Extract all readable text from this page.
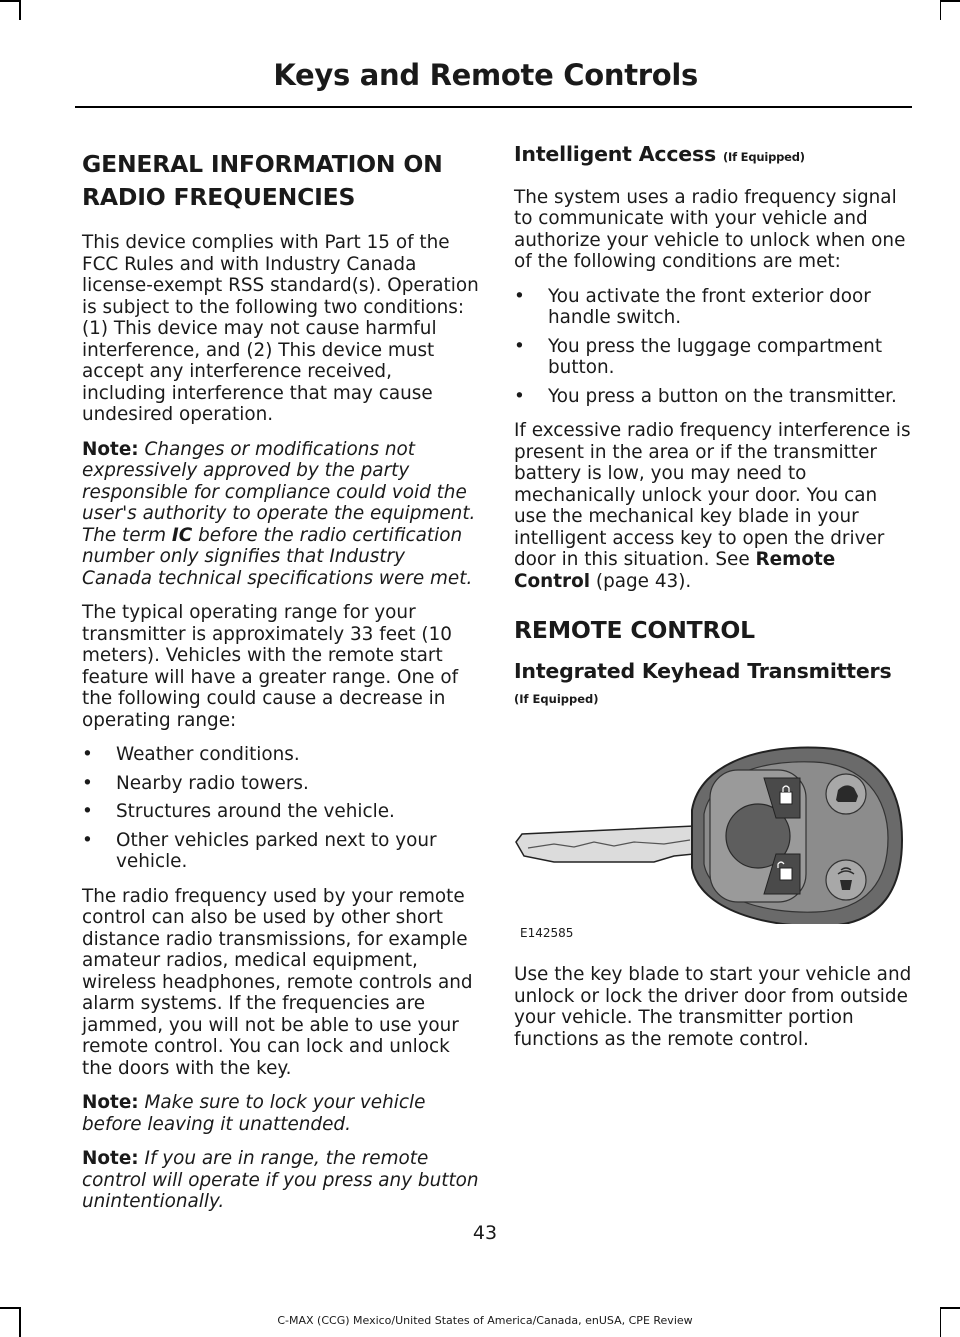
Keys and Remote Controls
GENERAL INFORMATION ON
RADIO FREQUENCIES

This device complies with Part 15 of the FCC Rules and with Industry Canada license-exempt RSS standard(s). Operation is subject to the following two conditions: (1) This device may not cause harmful interference, and (2) This device must accept any interference received, including interference that may cause undesired operation.

Note: Changes or modifications not expressively approved by the party responsible for compliance could void the user's authority to operate the equipment. The term IC before the radio certification number only signifies that Industry Canada technical specifications were met.

The typical operating range for your transmitter is approximately 33 feet (10 meters). Vehicles with the remote start feature will have a greater range. One of the following could cause a decrease in operating range:

• Weather conditions.
• Nearby radio towers.
• Structures around the vehicle.
• Other vehicles parked next to your vehicle.

The radio frequency used by your remote control can also be used by other short distance radio transmissions, for example amateur radios, medical equipment, wireless headphones, remote controls and alarm systems. If the frequencies are jammed, you will not be able to use your remote control. You can lock and unlock the doors with the key.

Note: Make sure to lock your vehicle before leaving it unattended.

Note: If you are in range, the remote control will operate if you press any button unintentionally.

Intelligent Access (If Equipped)

The system uses a radio frequency signal to communicate with your vehicle and authorize your vehicle to unlock when one of the following conditions are met:

• You activate the front exterior door handle switch.
• You press the luggage compartment button.
• You press a button on the transmitter.

If excessive radio frequency interference is present in the area or if the transmitter battery is low, you may need to mechanically unlock your door. You can use the mechanical key blade in your intelligent access key to open the driver door in this situation. See Remote Control (page 43).

REMOTE CONTROL
Integrated Keyhead Transmitters
(If Equipped)
E142585

Use the key blade to start your vehicle and unlock or lock the driver door from outside your vehicle. The transmitter portion functions as the remote control.

43
C-MAX (CCG) Mexico/United States of America/Canada, enUSA, CPE Review
